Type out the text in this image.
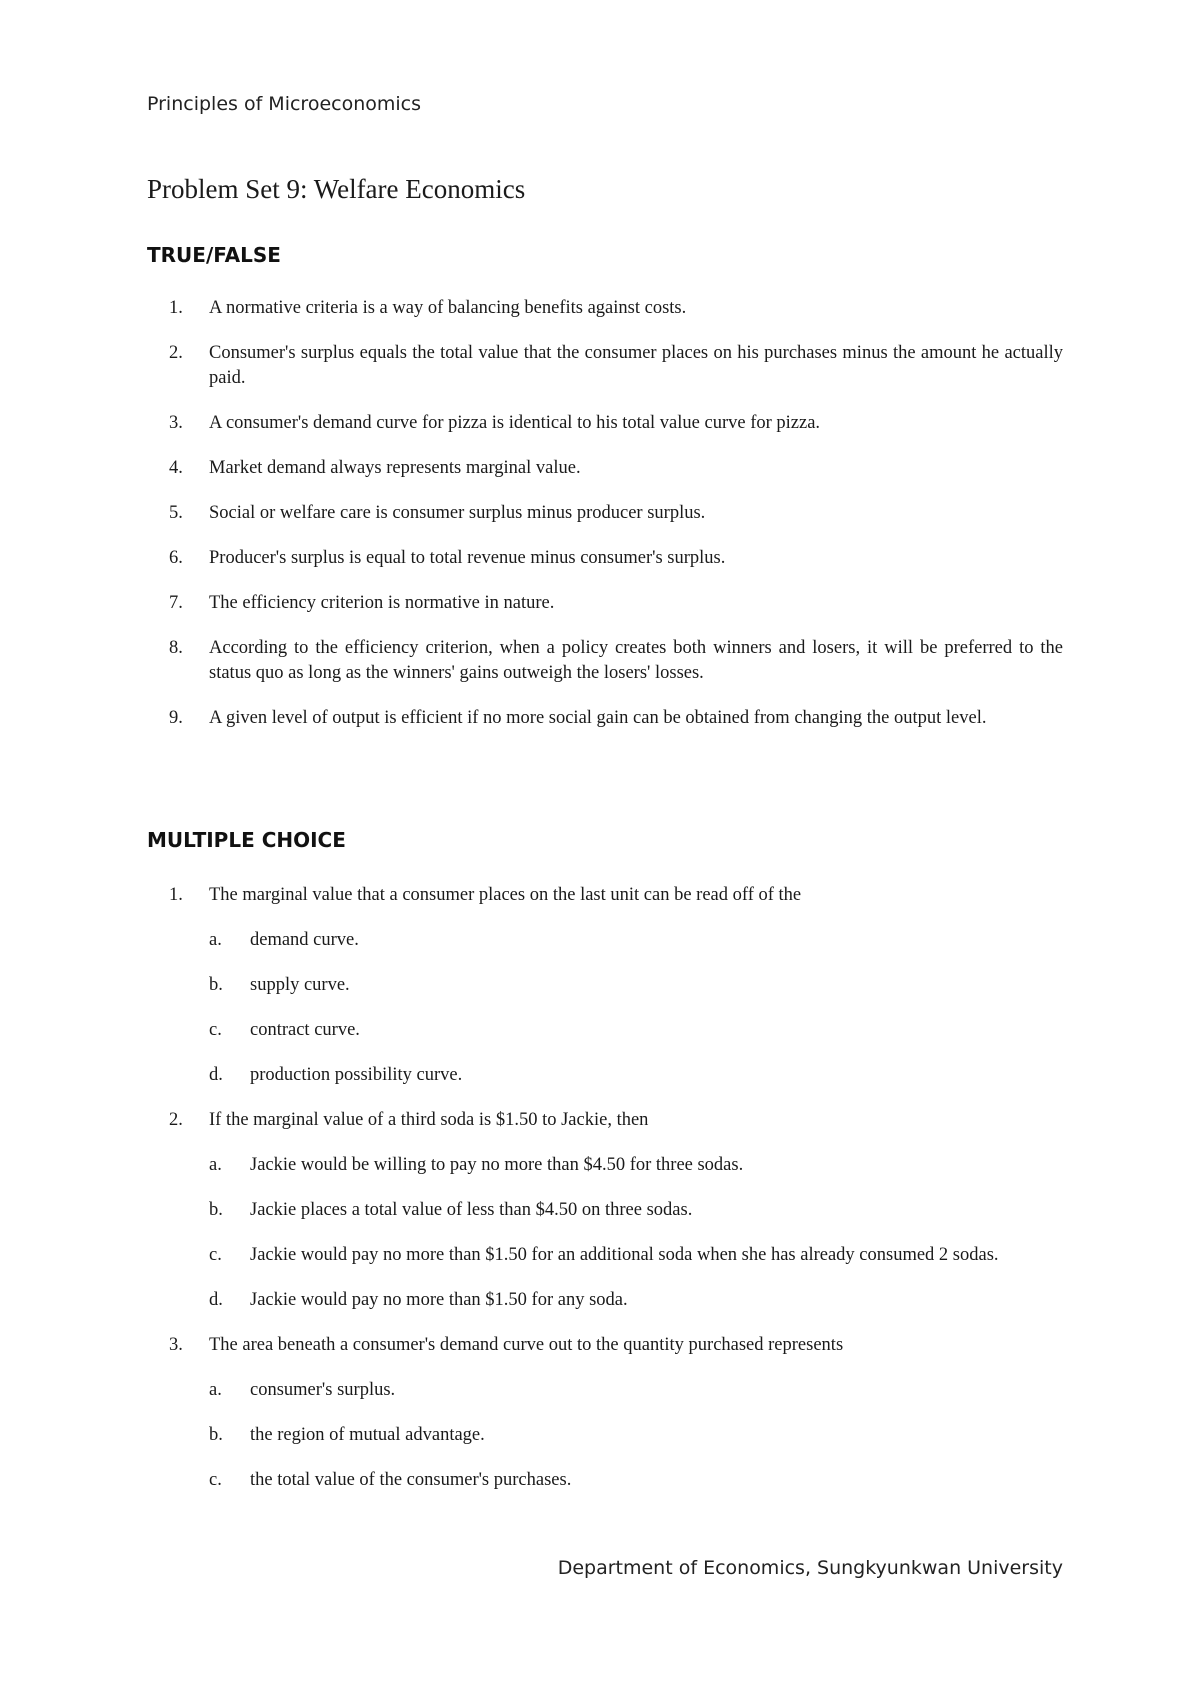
Principles of Microeconomics
Problem Set 9: Welfare Economics
TRUE/FALSE
1. A normative criteria is a way of balancing benefits against costs.
2. Consumer's surplus equals the total value that the consumer places on his purchases minus the amount he actually paid.
3. A consumer's demand curve for pizza is identical to his total value curve for pizza.
4. Market demand always represents marginal value.
5. Social or welfare care is consumer surplus minus producer surplus.
6. Producer's surplus is equal to total revenue minus consumer's surplus.
7. The efficiency criterion is normative in nature.
8. According to the efficiency criterion, when a policy creates both winners and losers, it will be preferred to the status quo as long as the winners' gains outweigh the losers' losses.
9. A given level of output is efficient if no more social gain can be obtained from changing the output level.
MULTIPLE CHOICE
1. The marginal value that a consumer places on the last unit can be read off of the
a. demand curve.
b. supply curve.
c. contract curve.
d. production possibility curve.
2. If the marginal value of a third soda is $1.50 to Jackie, then
a. Jackie would be willing to pay no more than $4.50 for three sodas.
b. Jackie places a total value of less than $4.50 on three sodas.
c. Jackie would pay no more than $1.50 for an additional soda when she has already consumed 2 sodas.
d. Jackie would pay no more than $1.50 for any soda.
3. The area beneath a consumer's demand curve out to the quantity purchased represents
a. consumer's surplus.
b. the region of mutual advantage.
c. the total value of the consumer's purchases.
Department of Economics, Sungkyunkwan University
